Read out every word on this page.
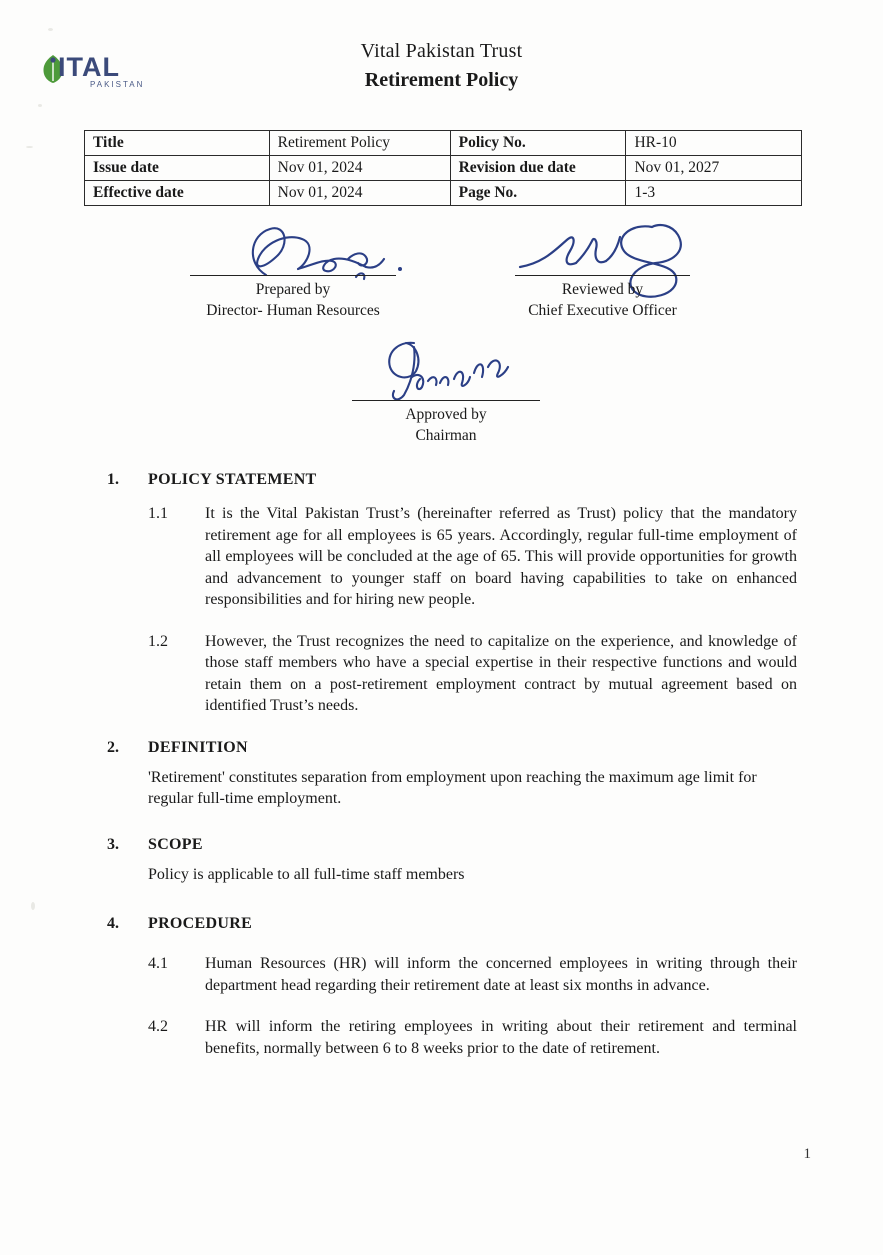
ITAL
PAKISTAN
Vital Pakistan Trust
Retirement Policy
Title	Retirement Policy	Policy No.	HR-10
Issue date	Nov 01, 2024	Revision due date	Nov 01, 2027
Effective date	Nov 01, 2024	Page No.	1-3
Prepared by
Director- Human Resources
Reviewed by
Chief Executive Officer
Approved by
Chairman
1. POLICY STATEMENT

1.1 It is the Vital Pakistan Trust’s (hereinafter referred as Trust) policy that the mandatory retirement age for all employees is 65 years. Accordingly, regular full-time employment of all employees will be concluded at the age of 65. This will provide opportunities for growth and advancement to younger staff on board having capabilities to take on enhanced responsibilities and for hiring new people.

1.2 However, the Trust recognizes the need to capitalize on the experience, and knowledge of those staff members who have a special expertise in their respective functions and would retain them on a post-retirement employment contract by mutual agreement based on identified Trust’s needs.

2. DEFINITION

'Retirement' constitutes separation from employment upon reaching the maximum age limit for regular full-time employment.

3. SCOPE

Policy is applicable to all full-time staff members

4. PROCEDURE

4.1 Human Resources (HR) will inform the concerned employees in writing through their department head regarding their retirement date at least six months in advance.

4.2 HR will inform the retiring employees in writing about their retirement and terminal benefits, normally between 6 to 8 weeks prior to the date of retirement.

1
